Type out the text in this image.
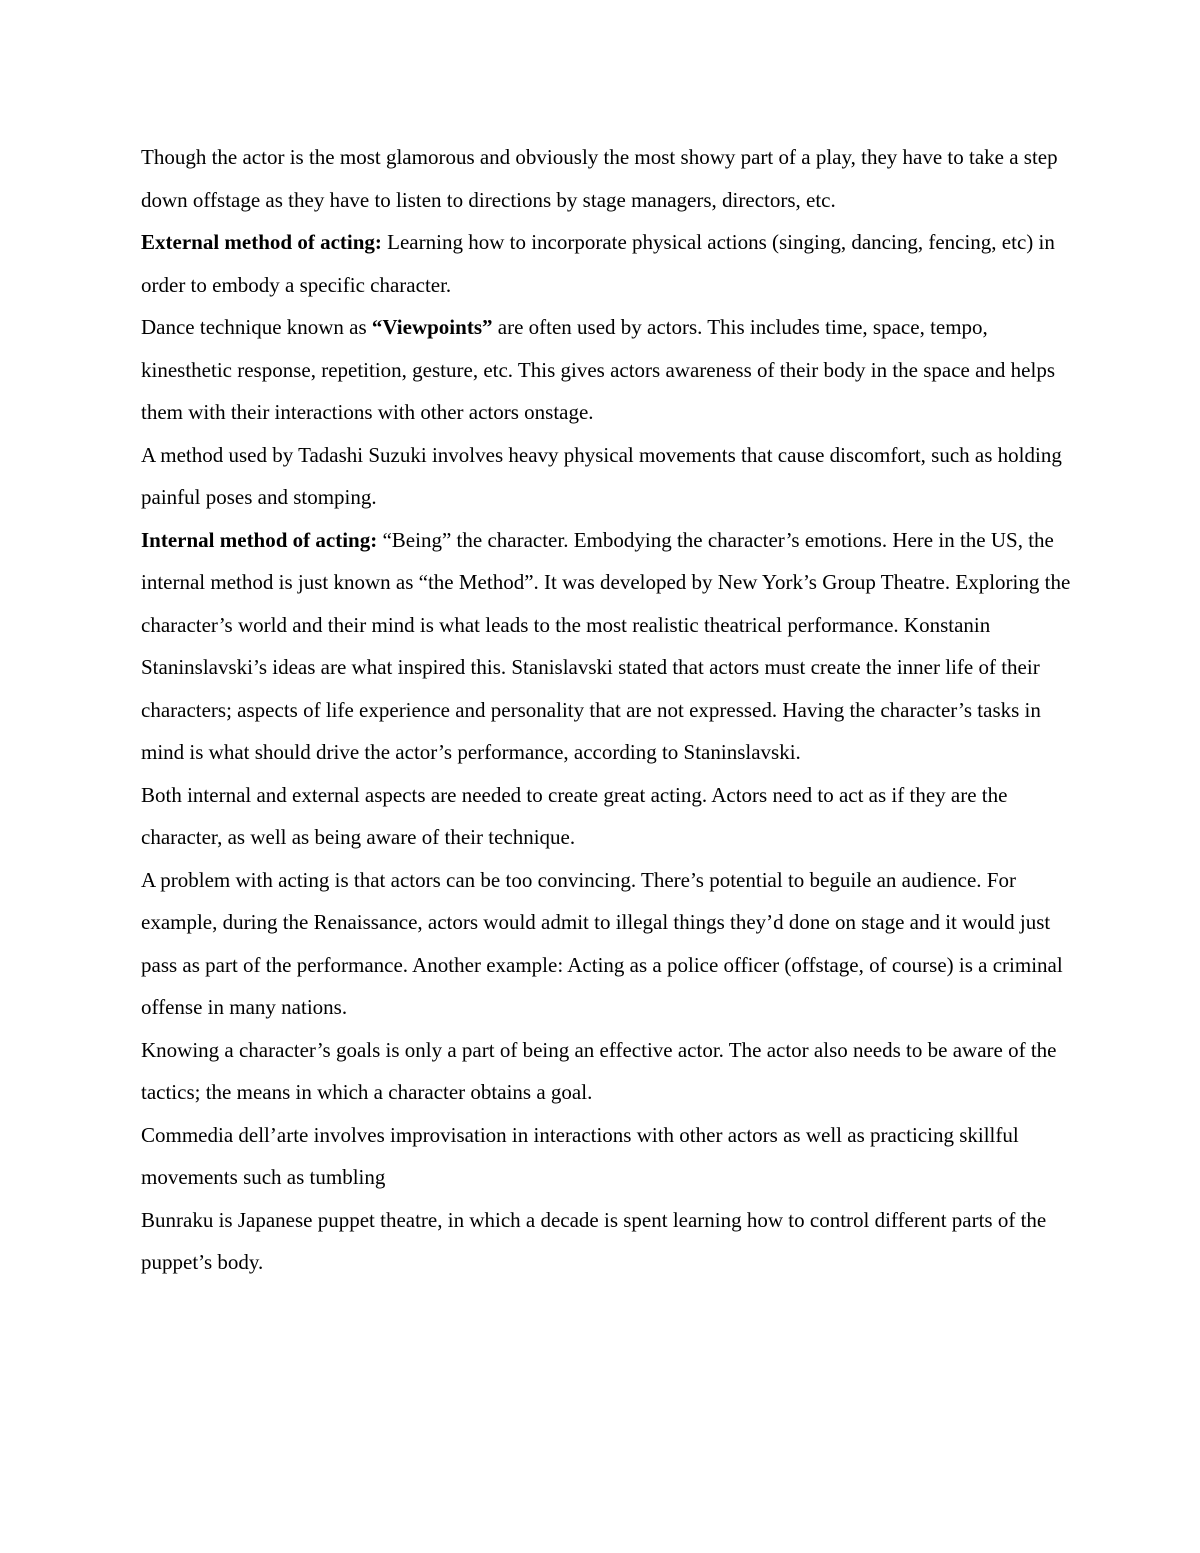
Though the actor is the most glamorous and obviously the most showy part of a play, they have to take a step down offstage as they have to listen to directions by stage managers, directors, etc.

External method of acting: Learning how to incorporate physical actions (singing, dancing, fencing, etc) in order to embody a specific character.

Dance technique known as “Viewpoints” are often used by actors. This includes time, space, tempo, kinesthetic response, repetition, gesture, etc. This gives actors awareness of their body in the space and helps them with their interactions with other actors onstage.

A method used by Tadashi Suzuki involves heavy physical movements that cause discomfort, such as holding painful poses and stomping.

Internal method of acting: “Being” the character. Embodying the character’s emotions. Here in the US, the internal method is just known as “the Method”. It was developed by New York’s Group Theatre. Exploring the character’s world and their mind is what leads to the most realistic theatrical performance. Konstanin Staninslavski’s ideas are what inspired this. Stanislavski stated that actors must create the inner life of their characters; aspects of life experience and personality that are not expressed. Having the character’s tasks in mind is what should drive the actor’s performance, according to Staninslavski.

Both internal and external aspects are needed to create great acting. Actors need to act as if they are the character, as well as being aware of their technique.

A problem with acting is that actors can be too convincing. There’s potential to beguile an audience. For example, during the Renaissance, actors would admit to illegal things they’d done on stage and it would just pass as part of the performance. Another example: Acting as a police officer (offstage, of course) is a criminal offense in many nations.

Knowing a character’s goals is only a part of being an effective actor. The actor also needs to be aware of the tactics; the means in which a character obtains a goal.

Commedia dell’arte involves improvisation in interactions with other actors as well as practicing skillful movements such as tumbling

Bunraku is Japanese puppet theatre, in which a decade is spent learning how to control different parts of the puppet’s body.
